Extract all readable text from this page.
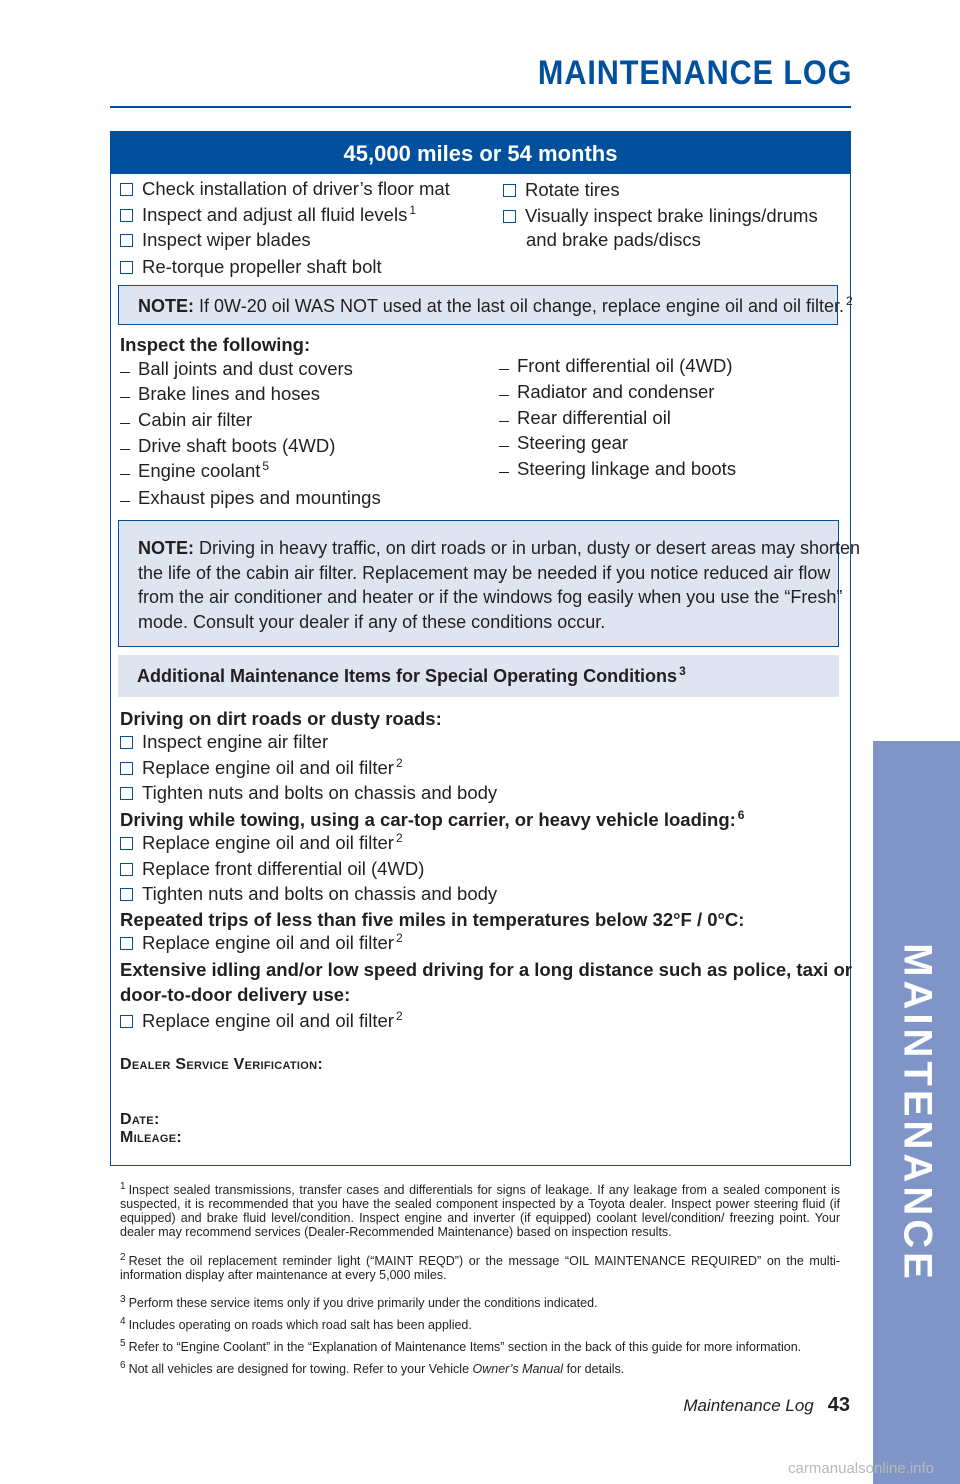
MAINTENANCE LOG
45,000 miles or 54 months
Check installation of driver’s floor mat
Inspect and adjust all fluid levels $^1$
Inspect wiper blades
Re-torque propeller shaft bolt
Rotate tires
Visually inspect brake linings/drums
and brake pads/discs
NOTE: If 0W-20 oil WAS NOT used at the last oil change, replace engine oil and oil filter. $^2$
Inspect the following:
Ball joints and dust covers
Brake lines and hoses
Cabin air filter
Drive shaft boots (4WD)
Engine coolant $^5$
Exhaust pipes and mountings
Front differential oil (4WD)
Radiator and condenser
Rear differential oil
Steering gear
Steering linkage and boots
NOTE: Driving in heavy traffic, on dirt roads or in urban, dusty or desert areas may shorten
the life of the cabin air filter. Replacement may be needed if you notice reduced air flow
from the air conditioner and heater or if the windows fog easily when you use the “Fresh”
mode. Consult your dealer if any of these conditions occur.
Additional Maintenance Items for Special Operating Conditions $^3$
Driving on dirt roads or dusty roads:
Inspect engine air filter
Replace engine oil and oil filter $^2$
Tighten nuts and bolts on chassis and body
Driving while towing, using a car-top carrier, or heavy vehicle loading: $^6$
Replace engine oil and oil filter $^2$
Replace front differential oil (4WD)
Tighten nuts and bolts on chassis and body
Repeated trips of less than five miles in temperatures below 32°F / 0°C:
Replace engine oil and oil filter $^2$
Extensive idling and/or low speed driving for a long distance such as police, taxi or
door-to-door delivery use:
Replace engine oil and oil filter $^2$
Dealer Service Verification:
Date:
Mileage:
$^1$ Inspect sealed transmissions, transfer cases and differentials for signs of leakage. If any leakage from a sealed component is suspected, it is recommended that you have the sealed component inspected by a Toyota dealer. Inspect power steering fluid (if equipped) and brake fluid level/condition. Inspect engine and inverter (if equipped) coolant level/condition/ freezing point. Your dealer may recommend services (Dealer-Recommended Maintenance) based on inspection results.
$^2$ Reset the oil replacement reminder light (“MAINT REQD”) or the message “OIL MAINTENANCE REQUIRED” on the multi-information display after maintenance at every 5,000 miles.
$^3$ Perform these service items only if you drive primarily under the conditions indicated.
$^4$ Includes operating on roads which road salt has been applied.
$^5$ Refer to “Engine Coolant” in the “Explanation of Maintenance Items” section in the back of this guide for more information.
$^6$ Not all vehicles are designed for towing. Refer to your Vehicle Owner’s Manual for details.
Maintenance Log 43
MAINTENANCE
carmanualsonline.info
